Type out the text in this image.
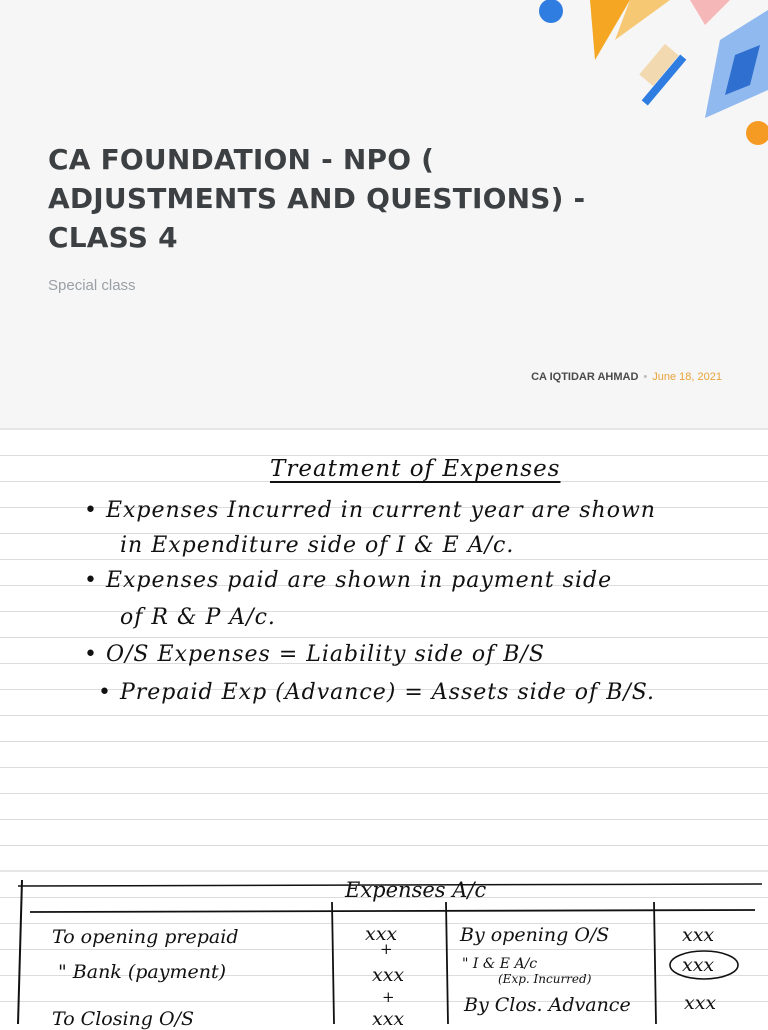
CA FOUNDATION - NPO ( ADJUSTMENTS AND QUESTIONS) - CLASS 4
Special class
CA IQTIDAR AHMAD • June 18, 2021
Treatment of Expenses
• Expenses Incurred in current year are shown
in Expenditure side of I & E A/c.
• Expenses paid are shown in payment side
of R & P A/c.
• O/S Expenses = Liability side of B/S
• Prepaid Exp (Advance) = Assets side of B/S.
Expenses A/c
To opening prepaid
" Bank (payment)
To Closing O/S
xxx
+
xxx
+
xxx
By opening O/S
" I & E A/c
(Exp. Incurred)
By Clos. Advance
xxx
xxx
xxx
